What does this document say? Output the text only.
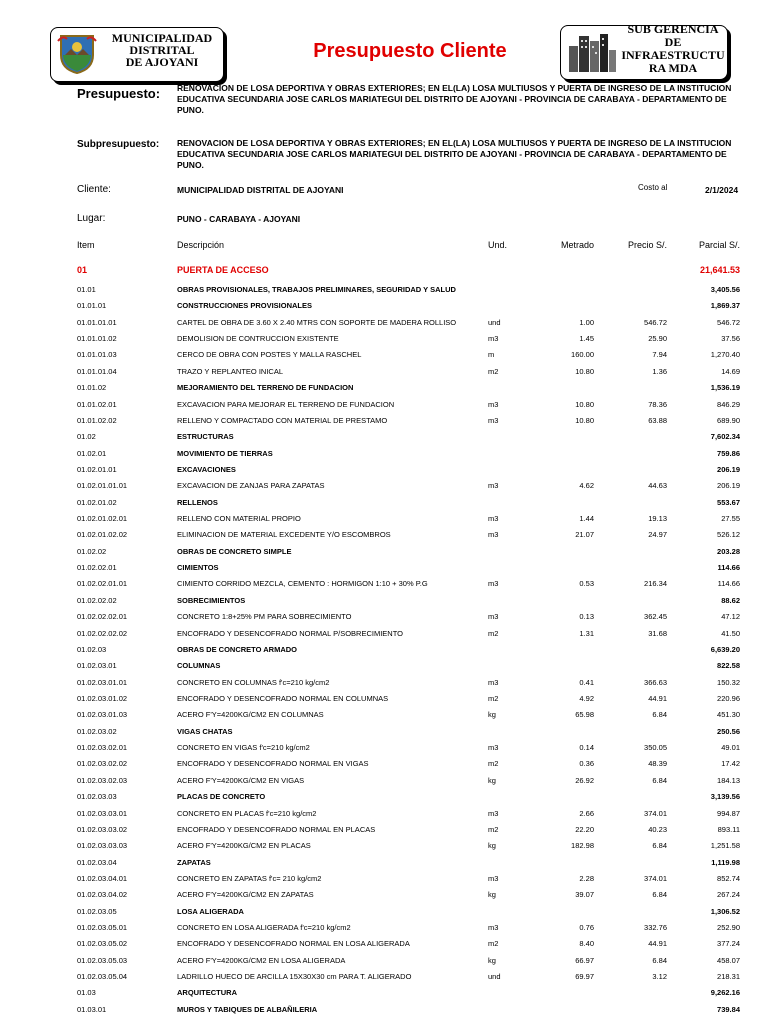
MUNICIPALIDAD
DISTRITAL
DE AJOYANI	Presupuesto Cliente
SUB GERENCIA
DE
INFRAESTRUCTU
RA MDA
Presupuesto: RENOVACION DE LOSA DEPORTIVA Y OBRAS EXTERIORES; EN EL(LA) LOSA MULTIUSOS Y PUERTA DE INGRESO DE LA INSTITUCION EDUCATIVA SECUNDARIA JOSE CARLOS MARIATEGUI DEL DISTRITO DE AJOYANI - PROVINCIA DE CARABAYA - DEPARTAMENTO DE PUNO.
Subpresupuesto: RENOVACION DE LOSA DEPORTIVA Y OBRAS EXTERIORES; EN EL(LA) LOSA MULTIUSOS Y PUERTA DE INGRESO DE LA INSTITUCION EDUCATIVA SECUNDARIA JOSE CARLOS MARIATEGUI DEL DISTRITO DE AJOYANI - PROVINCIA DE CARABAYA - DEPARTAMENTO DE PUNO.
Cliente:	MUNICIPALIDAD DISTRITAL DE AJOYANI	Costo al	2/1/2024
Lugar:	PUNO - CARABAYA - AJOYANI
Item	Descripción	Und.	Metrado	Precio S/.	Parcial S/.
01	PUERTA DE ACCESO	21,641.53
01.01	OBRAS PROVISIONALES, TRABAJOS PRELIMINARES, SEGURIDAD Y SALUD	3,405.56
01.01.01	CONSTRUCCIONES PROVISIONALES	1,869.37
01.01.01.01	CARTEL DE OBRA DE 3.60 X 2.40 MTRS CON SOPORTE DE MADERA ROLLISO	und	1.00	546.72	546.72
01.01.01.02	DEMOLISION DE CONTRUCCION EXISTENTE	m3	1.45	25.90	37.56
01.01.01.03	CERCO DE OBRA CON POSTES Y MALLA RASCHEL	m	160.00	7.94	1,270.40
01.01.01.04	TRAZO Y REPLANTEO INICAL	m2	10.80	1.36	14.69
01.01.02	MEJORAMIENTO DEL TERRENO DE FUNDACION	1,536.19
01.01.02.01	EXCAVACION PARA MEJORAR EL TERRENO DE FUNDACION	m3	10.80	78.36	846.29
01.01.02.02	RELLENO Y COMPACTADO CON MATERIAL DE PRESTAMO	m3	10.80	63.88	689.90
01.02	ESTRUCTURAS	7,602.34
01.02.01	MOVIMIENTO DE TIERRAS	759.86
01.02.01.01	EXCAVACIONES	206.19
01.02.01.01.01	EXCAVACION DE ZANJAS PARA ZAPATAS	m3	4.62	44.63	206.19
01.02.01.02	RELLENOS	553.67
01.02.01.02.01	RELLENO CON MATERIAL PROPIO	m3	1.44	19.13	27.55
01.02.01.02.02	ELIMINACION DE MATERIAL EXCEDENTE Y/O ESCOMBROS	m3	21.07	24.97	526.12
01.02.02	OBRAS DE CONCRETO SIMPLE	203.28
01.02.02.01	CIMIENTOS	114.66
01.02.02.01.01	CIMIENTO CORRIDO MEZCLA, CEMENTO : HORMIGON 1:10 + 30% P.G	m3	0.53	216.34	114.66
01.02.02.02	SOBRECIMIENTOS	88.62
01.02.02.02.01	CONCRETO 1:8+25% PM PARA SOBRECIMIENTO	m3	0.13	362.45	47.12
01.02.02.02.02	ENCOFRADO Y DESENCOFRADO NORMAL P/SOBRECIMIENTO	m2	1.31	31.68	41.50
01.02.03	OBRAS DE CONCRETO ARMADO	6,639.20
01.02.03.01	COLUMNAS	822.58
01.02.03.01.01	CONCRETO EN COLUMNAS f'c=210 kg/cm2	m3	0.41	366.63	150.32
01.02.03.01.02	ENCOFRADO Y DESENCOFRADO NORMAL EN COLUMNAS	m2	4.92	44.91	220.96
01.02.03.01.03	ACERO F'Y=4200KG/CM2 EN COLUMNAS	kg	65.98	6.84	451.30
01.02.03.02	VIGAS CHATAS	250.56
01.02.03.02.01	CONCRETO EN VIGAS f'c=210 kg/cm2	m3	0.14	350.05	49.01
01.02.03.02.02	ENCOFRADO Y DESENCOFRADO NORMAL EN VIGAS	m2	0.36	48.39	17.42
01.02.03.02.03	ACERO F'Y=4200KG/CM2 EN VIGAS	kg	26.92	6.84	184.13
01.02.03.03	PLACAS DE CONCRETO	3,139.56
01.02.03.03.01	CONCRETO EN PLACAS f'c=210 kg/cm2	m3	2.66	374.01	994.87
01.02.03.03.02	ENCOFRADO Y DESENCOFRADO NORMAL EN PLACAS	m2	22.20	40.23	893.11
01.02.03.03.03	ACERO F'Y=4200KG/CM2 EN PLACAS	kg	182.98	6.84	1,251.58
01.02.03.04	ZAPATAS	1,119.98
01.02.03.04.01	CONCRETO EN ZAPATAS f'c= 210 kg/cm2	m3	2.28	374.01	852.74
01.02.03.04.02	ACERO F'Y=4200KG/CM2 EN ZAPATAS	kg	39.07	6.84	267.24
01.02.03.05	LOSA ALIGERADA	1,306.52
01.02.03.05.01	CONCRETO EN LOSA ALIGERADA f'c=210 kg/cm2	m3	0.76	332.76	252.90
01.02.03.05.02	ENCOFRADO Y DESENCOFRADO NORMAL EN LOSA ALIGERADA	m2	8.40	44.91	377.24
01.02.03.05.03	ACERO F'Y=4200KG/CM2 EN LOSA ALIGERADA	kg	66.97	6.84	458.07
01.02.03.05.04	LADRILLO HUECO DE ARCILLA 15X30X30 cm PARA T. ALIGERADO	und	69.97	3.12	218.31
01.03	ARQUITECTURA	9,262.16
01.03.01	MUROS Y TABIQUES DE ALBAÑILERIA	739.84
